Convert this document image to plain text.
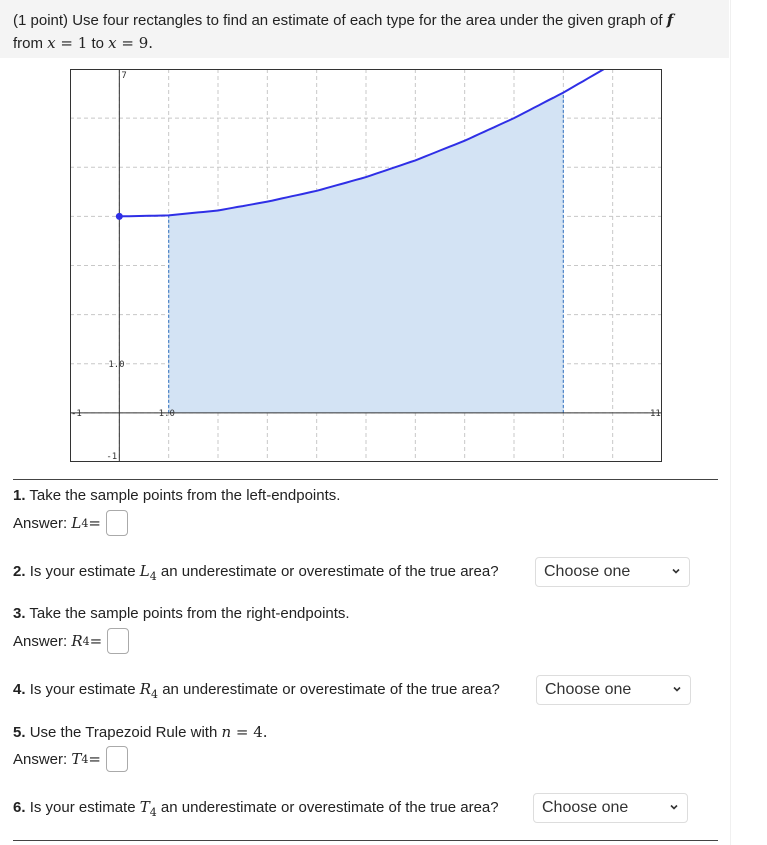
(1 point) Use four rectangles to find an estimate of each type for the area under the given graph of f
from x = 1 to x = 9.
7
1.0
-1
-1	1.0	11
1. Take the sample points from the left-endpoints.
Answer:
L 4 =
2. Is your estimate $L_4$ an underestimate or overestimate of the true area?	Choose one
3. Take the sample points from the right-endpoints.
Answer:
R 4 =
4. Is your estimate $R_4$ an underestimate or overestimate of the true area?	Choose one
5. Use the Trapezoid Rule with n = 4.
Answer:
T 4 =
6. Is your estimate $T_4$ an underestimate or overestimate of the true area?	Choose one
